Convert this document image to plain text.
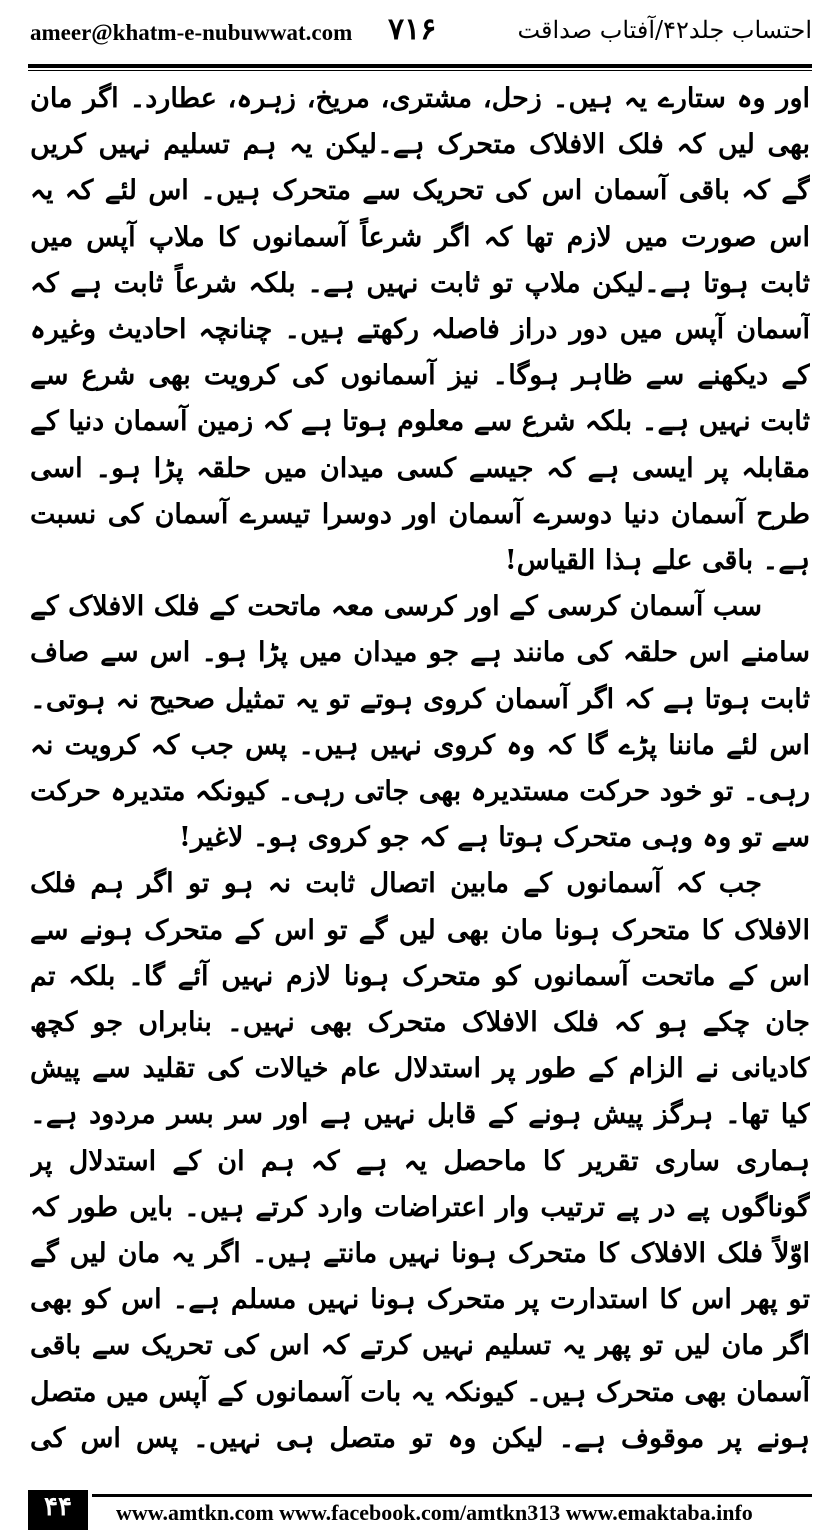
ameer@khatm-e-nubuwwat.com ۷۱۶	احتساب جلد۴۲/آفتاب صداقت

اور وہ ستارے یہ ہیں۔ زحل، مشتری، مریخ، زہرہ، عطارد۔ اگر مان بھی لیں کہ فلک الافلاک متحرک ہے۔لیکن یہ ہم تسلیم نہیں کریں گے کہ باقی آسمان اس کی تحریک سے متحرک ہیں۔ اس لئے کہ یہ اس صورت میں لازم تھا کہ اگر شرعاً آسمانوں کا ملاپ آپس میں ثابت ہوتا ہے۔لیکن ملاپ تو ثابت نہیں ہے۔ بلکہ شرعاً ثابت ہے کہ آسمان آپس میں دور دراز فاصلہ رکھتے ہیں۔ چنانچہ احادیث وغیرہ کے دیکھنے سے ظاہر ہوگا۔ نیز آسمانوں کی کرویت بھی شرع سے ثابت نہیں ہے۔ بلکہ شرع سے معلوم ہوتا ہے کہ زمین آسمان دنیا کے مقابلہ پر ایسی ہے کہ جیسے کسی میدان میں حلقہ پڑا ہو۔ اسی طرح آسمان دنیا دوسرے آسمان اور دوسرا تیسرے آسمان کی نسبت ہے۔ باقی علے ہذا القیاس!

سب آسمان کرسی کے اور کرسی معہ ماتحت کے فلک الافلاک کے سامنے اس حلقہ کی مانند ہے جو میدان میں پڑا ہو۔ اس سے صاف ثابت ہوتا ہے کہ اگر آسمان کروی ہوتے تو یہ تمثیل صحیح نہ ہوتی۔ اس لئے ماننا پڑے گا کہ وہ کروی نہیں ہیں۔ پس جب کہ کرویت نہ رہی۔ تو خود حرکت مستدیرہ بھی جاتی رہی۔ کیونکہ متدیرہ حرکت سے تو وہ وہی متحرک ہوتا ہے کہ جو کروی ہو۔ لاغیر!

جب کہ آسمانوں کے مابین اتصال ثابت نہ ہو تو اگر ہم فلک الافلاک کا متحرک ہونا مان بھی لیں گے تو اس کے متحرک ہونے سے اس کے ماتحت آسمانوں کو متحرک ہونا لازم نہیں آئے گا۔ بلکہ تم جان چکے ہو کہ فلک الافلاک متحرک بھی نہیں۔ بنابراں جو کچھ کادیانی نے الزام کے طور پر استدلال عام خیالات کی تقلید سے پیش کیا تھا۔ ہرگز پیش ہونے کے قابل نہیں ہے اور سر بسر مردود ہے۔ ہماری ساری تقریر کا ماحصل یہ ہے کہ ہم ان کے استدلال پر گوناگوں پے در پے ترتیب وار اعتراضات وارد کرتے ہیں۔ بایں طور کہ اوّلاً فلک الافلاک کا متحرک ہونا نہیں مانتے ہیں۔ اگر یہ مان لیں گے تو پھر اس کا استدارت پر متحرک ہونا نہیں مسلم ہے۔ اس کو بھی اگر مان لیں تو پھر یہ تسلیم نہیں کرتے کہ اس کی تحریک سے باقی آسمان بھی متحرک ہیں۔ کیونکہ یہ بات آسمانوں کے آپس میں متصل ہونے پر موقوف ہے۔ لیکن وہ تو متصل ہی نہیں۔ پس اس کی

۴۴	www.amtkn.com www.facebook.com/amtkn313 www.emaktaba.info
